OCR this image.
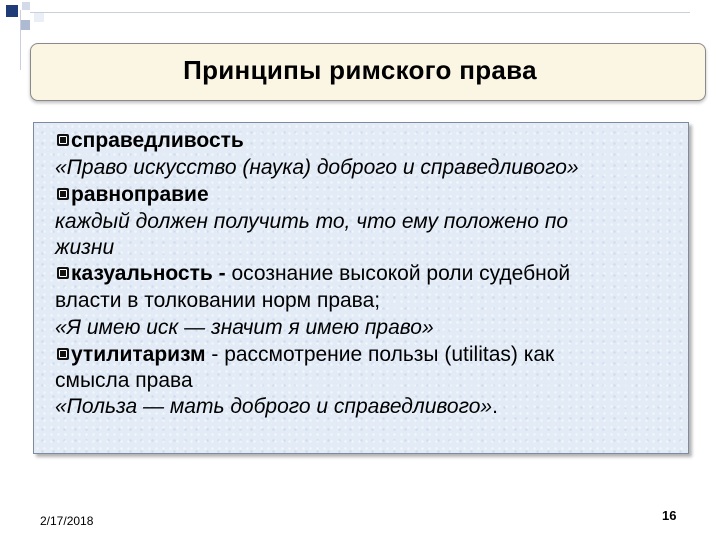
Принципы римского права
справедливость
«Право искусство (наука) доброго и справедливого»
равноправие
каждый должен получить то, что ему положено по
жизни
казуальность - осознание высокой роли судебной
власти в толковании норм права;
«Я имею иск — значит я имею право»
утилитаризм - рассмотрение пользы (utilitas) как
смысла права
«Польза — мать доброго и справедливого».
2/17/2018	16
